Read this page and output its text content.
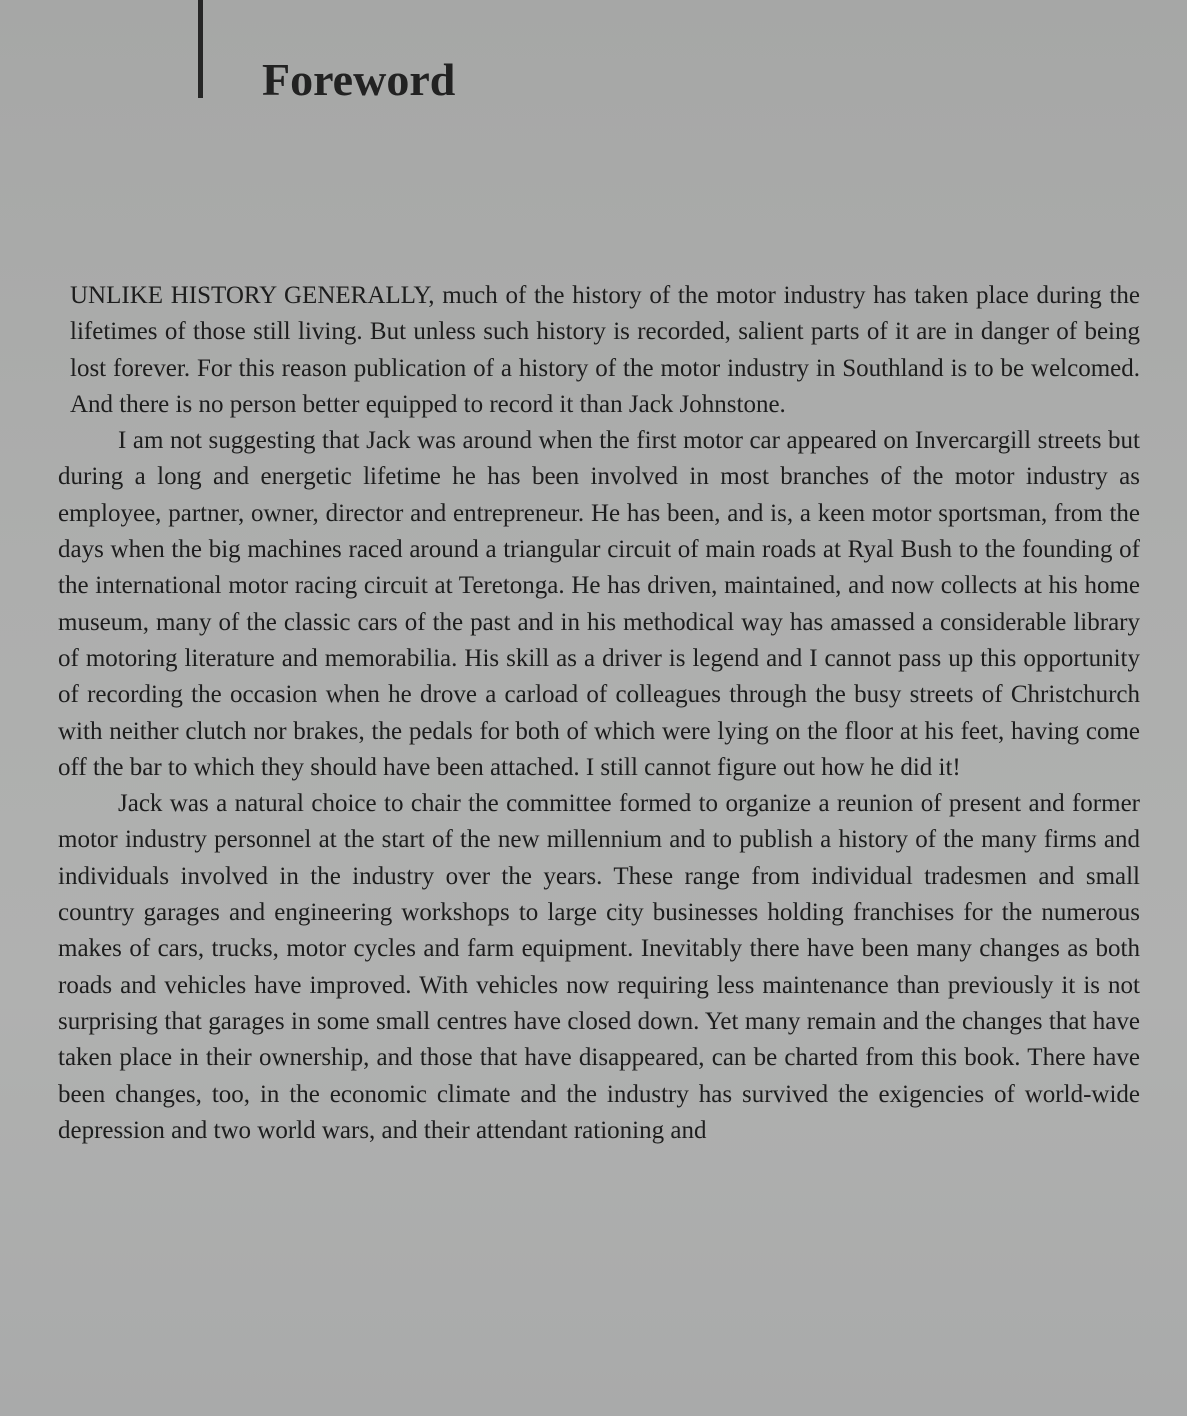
Foreword

UNLIKE HISTORY GENERALLY, much of the history of the motor industry has taken place during the lifetimes of those still living. But unless such history is recorded, salient parts of it are in danger of being lost forever. For this reason publication of a history of the motor industry in Southland is to be welcomed. And there is no person better equipped to record it than Jack Johnstone.

I am not suggesting that Jack was around when the first motor car appeared on Invercargill streets but during a long and energetic lifetime he has been involved in most branches of the motor industry as employee, partner, owner, director and entrepreneur. He has been, and is, a keen motor sportsman, from the days when the big machines raced around a triangular circuit of main roads at Ryal Bush to the founding of the international motor racing circuit at Teretonga. He has driven, maintained, and now collects at his home museum, many of the classic cars of the past and in his methodical way has amassed a considerable library of motoring literature and memorabilia. His skill as a driver is legend and I cannot pass up this opportunity of recording the occasion when he drove a carload of colleagues through the busy streets of Christchurch with neither clutch nor brakes, the pedals for both of which were lying on the floor at his feet, having come off the bar to which they should have been attached. I still cannot figure out how he did it!

Jack was a natural choice to chair the committee formed to organize a reunion of present and former motor industry personnel at the start of the new millennium and to publish a history of the many firms and individuals involved in the industry over the years. These range from individual tradesmen and small country garages and engineering workshops to large city businesses holding franchises for the numerous makes of cars, trucks, motor cycles and farm equipment. Inevitably there have been many changes as both roads and vehicles have improved. With vehicles now requiring less maintenance than previously it is not surprising that garages in some small centres have closed down. Yet many remain and the changes that have taken place in their ownership, and those that have disappeared, can be charted from this book. There have been changes, too, in the economic climate and the industry has survived the exigencies of world-wide depression and two world wars, and their attendant rationing and
